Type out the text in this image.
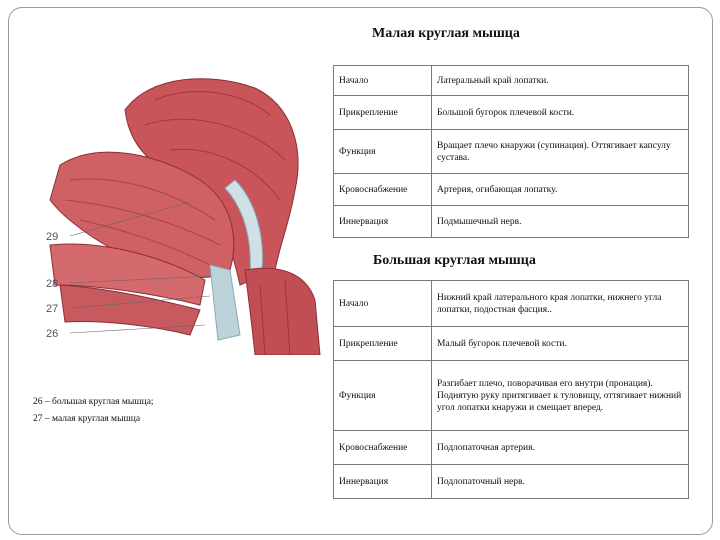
29
28
27
26
Малая круглая мышца
Начало	Латеральный край лопатки.
Прикрепление	Большой бугорок плечевой кости.
Функция	Вращает плечо кнаружи (супинация). Оттягивает капсулу сустава.
Кровоснабжение	Артерия, огибающая лопатку.
Иннервация	Подмышечный нерв.
Большая круглая мышца
Начало	Нижний край латерального края лопатки, нижнего угла лопатки, подостная фасция..
Прикрепление	Малый бугорок плечевой кости.
Функция	Разгибает плечо, поворачивая его внутри (пронация). Поднятую руку притягивает к туловищу, оттягивает нижний угол лопатки кнаружи и смещает вперед.
Кровоснабжение	Подлопаточная артерия.
Иннервация	Подлопаточный нерв.
26 – большая круглая мышца;
27 – малая круглая мышца
